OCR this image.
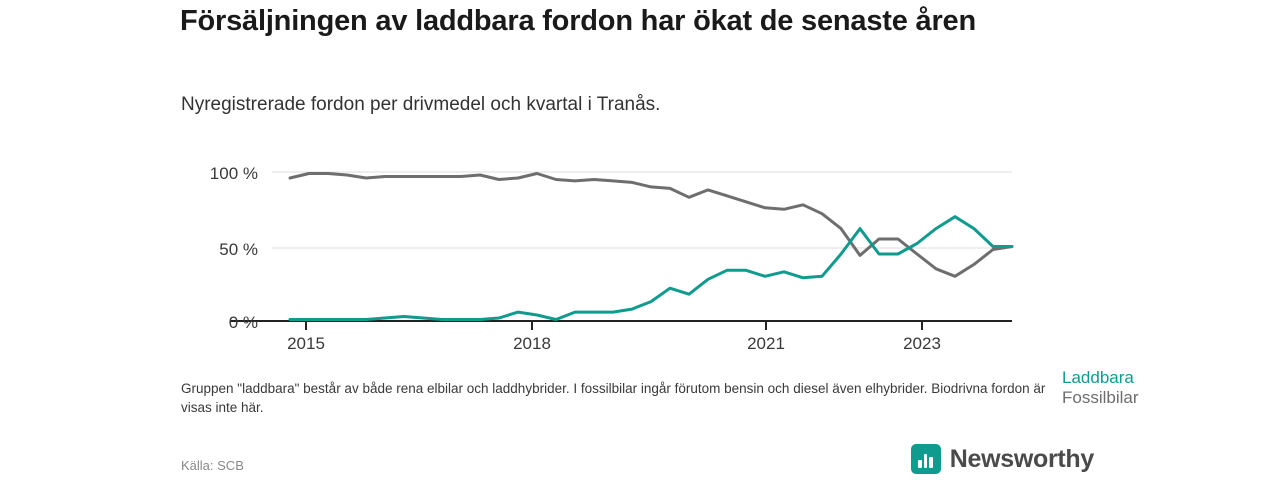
Försäljningen av laddbara fordon har ökat de senaste åren
Nyregistrerade fordon per drivmedel och kvartal i Tranås.
100 %
50 %
0 %
2015	2018	2021	2023
Laddbara
Fossilbilar
Gruppen "laddbara" består av både rena elbilar och laddhybrider. I fossilbilar ingår förutom bensin och diesel även elhybrider. Biodrivna fordon är visas inte här.
Källa: SCB	Newsworthy
